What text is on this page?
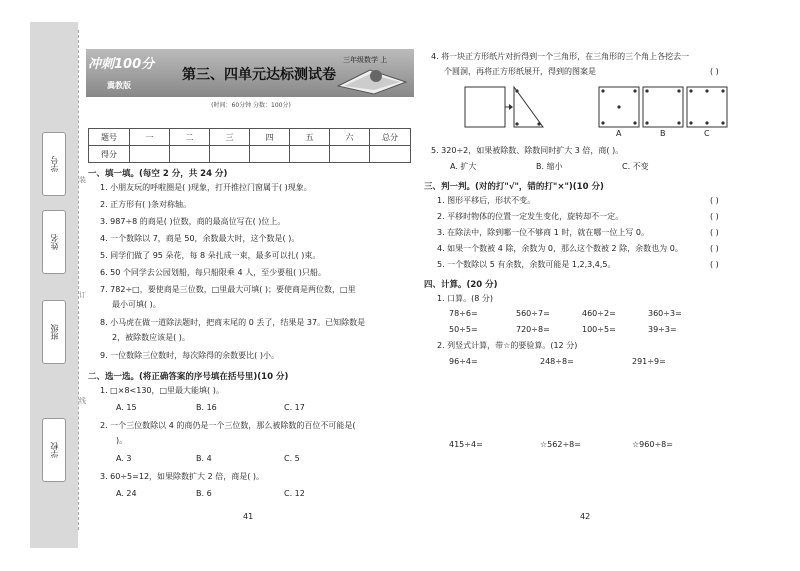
学号
姓名
班级
学校
装
订
线
冲刺100分
冀教版
第三、四单元达标测试卷
三年级数学 上
(时间：60分钟 分数：100分)
题号	一	二	三	四	五	六	总分
得分							
一、填一填。(每空 2 分，共 24 分)
1. 小朋友玩的呼啦圈是( )现象，打开推拉门窗属于( )现象。
2. 正方形有( )条对称轴。
3. 987÷8 的商是( )位数，商的最高位写在( )位上。
4. 一个数除以 7，商是 50，余数最大时，这个数是( )。
5. 同学们做了 95 朵花，每 8 朵扎成一束，最多可以扎( )束。
6. 50 个同学去公园划船，每只船限乘 4 人，至少要租( )只船。
7. 782÷□，要使商是三位数，□里最大可填( )；要使商是两位数，□里
最小可填( )。
8. 小马虎在做一道除法题时，把商末尾的 0 丢了，结果是 37。已知除数是
2，被除数应该是( )。
9. 一位数除三位数时，每次除得的余数要比( )小。
二、选一选。(将正确答案的序号填在括号里)(10 分)
1. □×8<130，□里最大能填( )。
A. 15	B. 16	C. 17
2. 一个三位数除以 4 的商仍是一个三位数，那么被除数的百位不可能是(
)。
A. 3	B. 4	C. 5
3. 60÷5=12，如果除数扩大 2 倍，商是( )。
A. 24	B. 6	C. 12
41
4. 将一块正方形纸片对折得到一个三角形，在三角形的三个角上各挖去一
个圆洞，再将正方形纸展开，得到的图案是	( )
A	B	C
5. 320÷2，如果被除数、除数同时扩大 3 倍，商( )。
A. 扩大	B. 缩小	C. 不变
三、判一判。(对的打"√"，错的打"×")(10 分)
1. 图形平移后，形状不变。	( )
2. 平移时物体的位置一定发生变化，旋转却不一定。	( )
3. 在除法中，除到哪一位不够商 1 时，就在哪一位上写 0。	( )
4. 如果一个数被 4 除，余数为 0，那么这个数被 2 除，余数也为 0。	( )
5. 一个数除以 5 有余数，余数可能是 1,2,3,4,5。	( )
四、计算。(20 分)
1. 口算。(8 分)
78÷6=	560÷7=	460÷2=	360÷3=
50÷5=	720÷8=	100÷5=	39÷3=
2. 列竖式计算，带☆的要验算。(12 分)
96÷4=	248÷8=	291÷9=
415÷4=	☆562÷8=	☆960÷8=
42
